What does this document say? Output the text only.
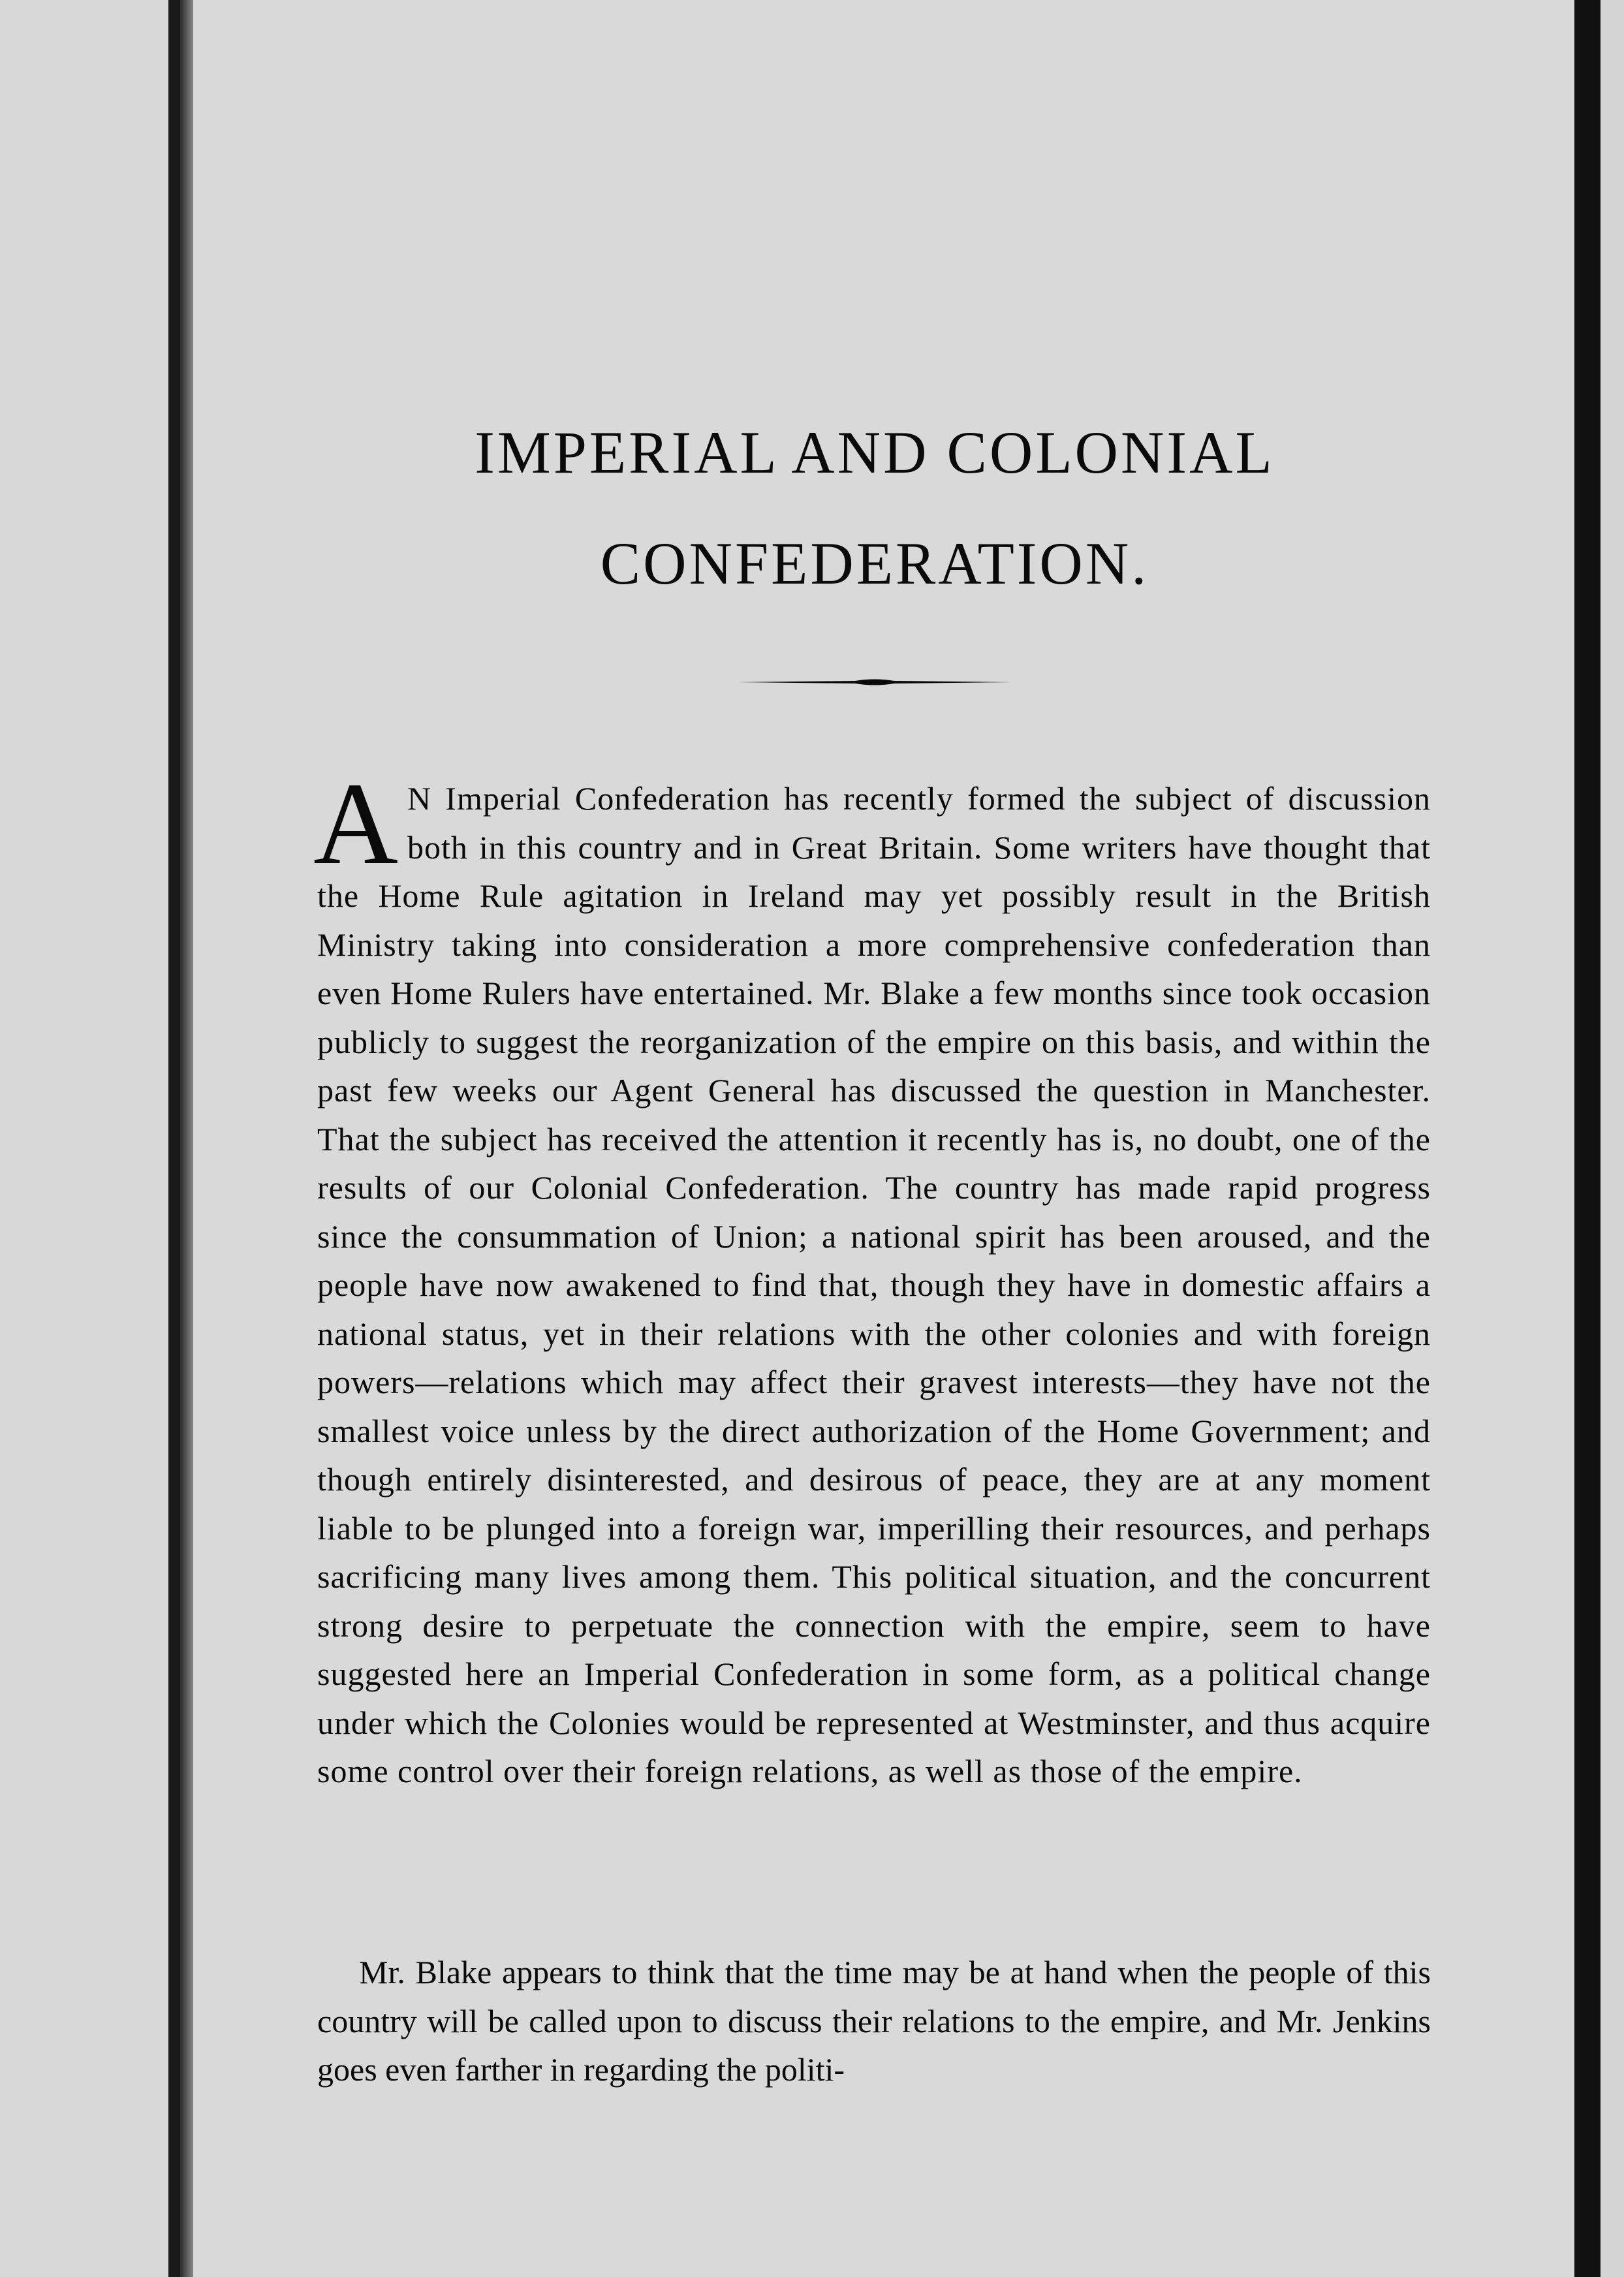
IMPERIAL AND COLONIAL
CONFEDERATION.

A N Imperial Confederation has recently formed the subject of discussion both in this country and in Great Britain. Some writers have thought that the Home Rule agitation in Ireland may yet possibly result in the British Ministry taking into consideration a more comprehensive confederation than even Home Rulers have entertained. Mr. Blake a few months since took occasion publicly to suggest the reorganization of the empire on this basis, and within the past few weeks our Agent General has discussed the question in Manchester. That the subject has received the attention it recently has is, no doubt, one of the results of our Colonial Confederation. The country has made rapid progress since the consummation of Union; a national spirit has been aroused, and the people have now awakened to find that, though they have in domestic affairs a national status, yet in their relations with the other colonies and with foreign powers—relations which may affect their gravest interests—they have not the smallest voice unless by the direct authorization of the Home Government; and though entirely disinterested, and desirous of peace, they are at any moment liable to be plunged into a foreign war, imperilling their resources, and perhaps sacrificing many lives among them. This political situation, and the concurrent strong desire to perpetuate the connection with the empire, seem to have suggested here an Imperial Confederation in some form, as a political change under which the Colonies would be represented at Westminster, and thus acquire some control over their foreign relations, as well as those of the empire.

Mr. Blake appears to think that the time may be at hand when the people of this country will be called upon to discuss their relations to the empire, and Mr. Jenkins goes even farther in regarding the politi-
